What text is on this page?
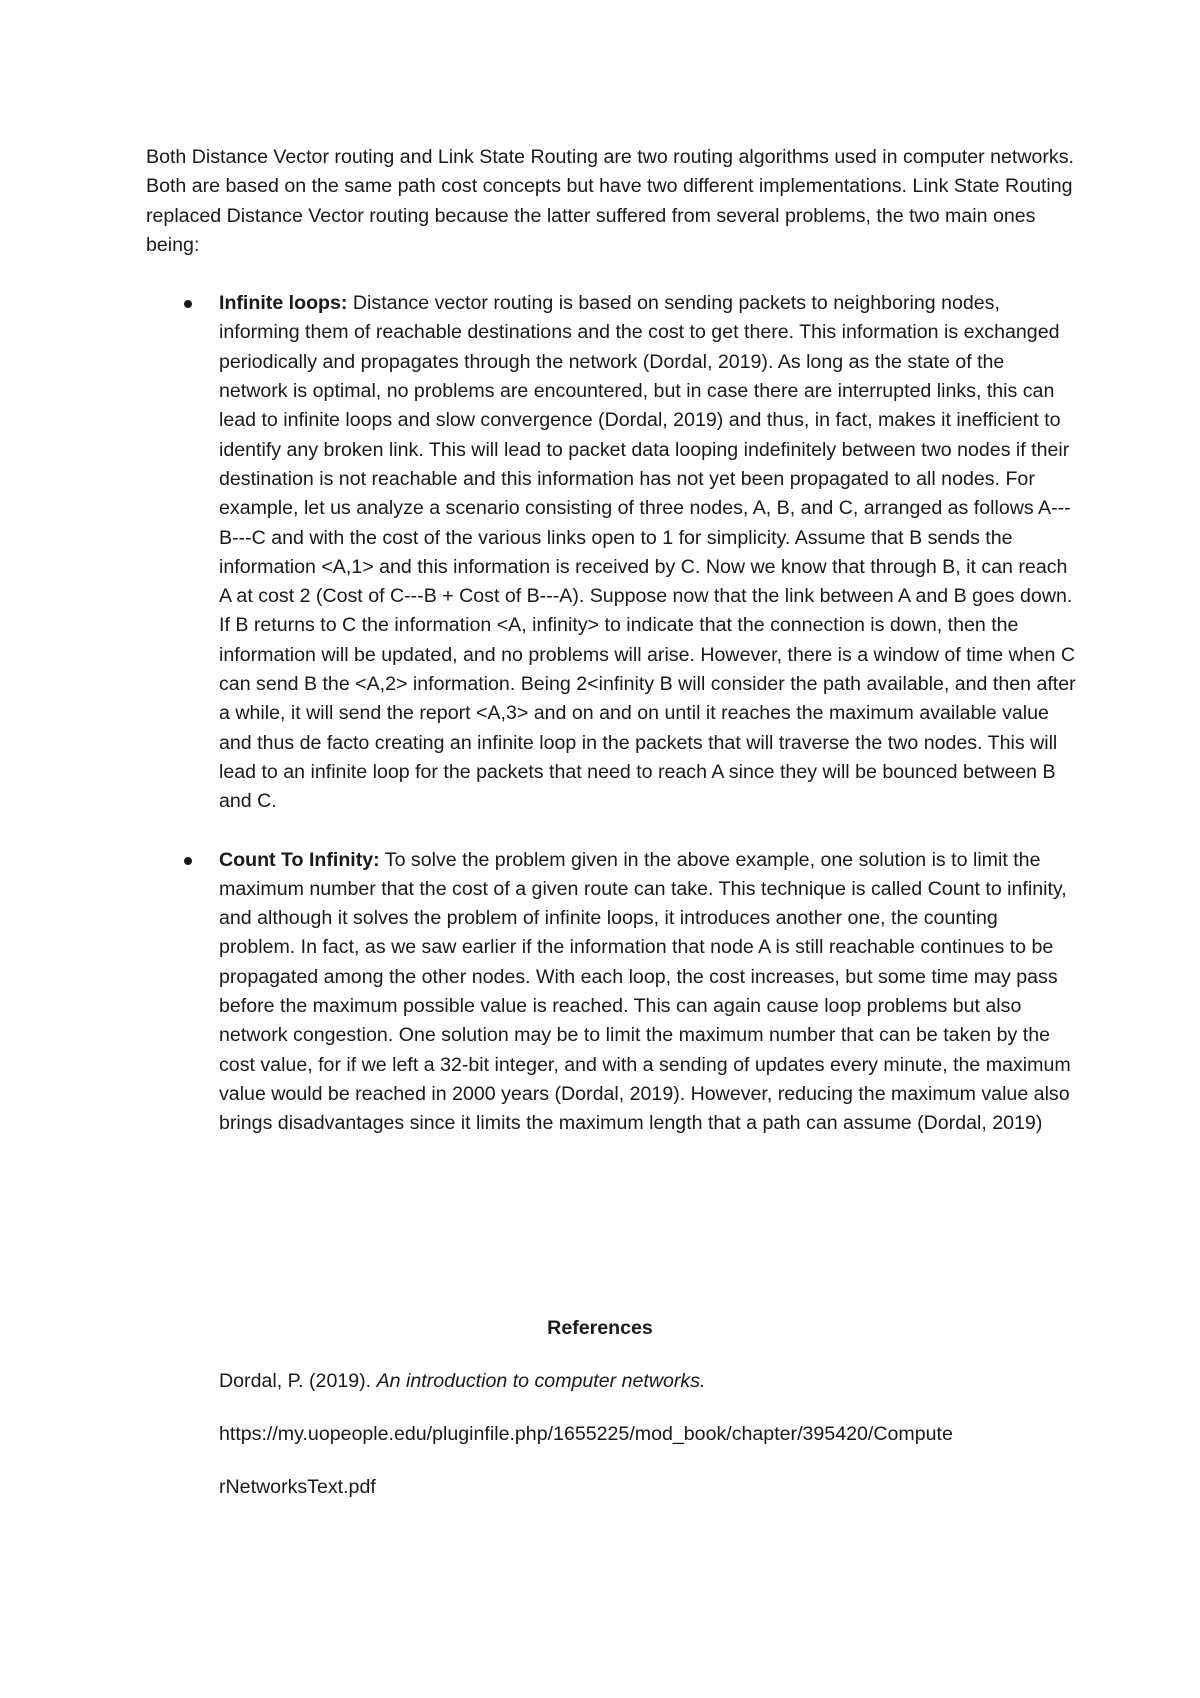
Both Distance Vector routing and Link State Routing are two routing algorithms used in computer networks. Both are based on the same path cost concepts but have two different implementations. Link State Routing replaced Distance Vector routing because the latter suffered from several problems, the two main ones being:

Infinite loops: Distance vector routing is based on sending packets to neighboring nodes, informing them of reachable destinations and the cost to get there. This information is exchanged periodically and propagates through the network (Dordal, 2019). As long as the state of the network is optimal, no problems are encountered, but in case there are interrupted links, this can lead to infinite loops and slow convergence (Dordal, 2019) and thus, in fact, makes it inefficient to identify any broken link. This will lead to packet data looping indefinitely between two nodes if their destination is not reachable and this information has not yet been propagated to all nodes. For example, let us analyze a scenario consisting of three nodes, A, B, and C, arranged as follows A---B---C and with the cost of the various links open to 1 for simplicity. Assume that B sends the information <A,1> and this information is received by C. Now we know that through B, it can reach A at cost 2 (Cost of C---B + Cost of B---A). Suppose now that the link between A and B goes down. If B returns to C the information <A, infinity> to indicate that the connection is down, then the information will be updated, and no problems will arise. However, there is a window of time when C can send B the <A,2> information. Being 2<infinity B will consider the path available, and then after a while, it will send the report <A,3> and on and on until it reaches the maximum available value and thus de facto creating an infinite loop in the packets that will traverse the two nodes. This will lead to an infinite loop for the packets that need to reach A since they will be bounced between B and C.
Count To Infinity: To solve the problem given in the above example, one solution is to limit the maximum number that the cost of a given route can take. This technique is called Count to infinity, and although it solves the problem of infinite loops, it introduces another one, the counting problem. In fact, as we saw earlier if the information that node A is still reachable continues to be propagated among the other nodes. With each loop, the cost increases, but some time may pass before the maximum possible value is reached. This can again cause loop problems but also network congestion. One solution may be to limit the maximum number that can be taken by the cost value, for if we left a 32-bit integer, and with a sending of updates every minute, the maximum value would be reached in 2000 years (Dordal, 2019). However, reducing the maximum value also brings disadvantages since it limits the maximum length that a path can assume (Dordal, 2019)
References
Dordal, P. (2019). An introduction to computer networks.
https://my.uopeople.edu/pluginfile.php/1655225/mod_book/chapter/395420/Compute
rNetworksText.pdf
